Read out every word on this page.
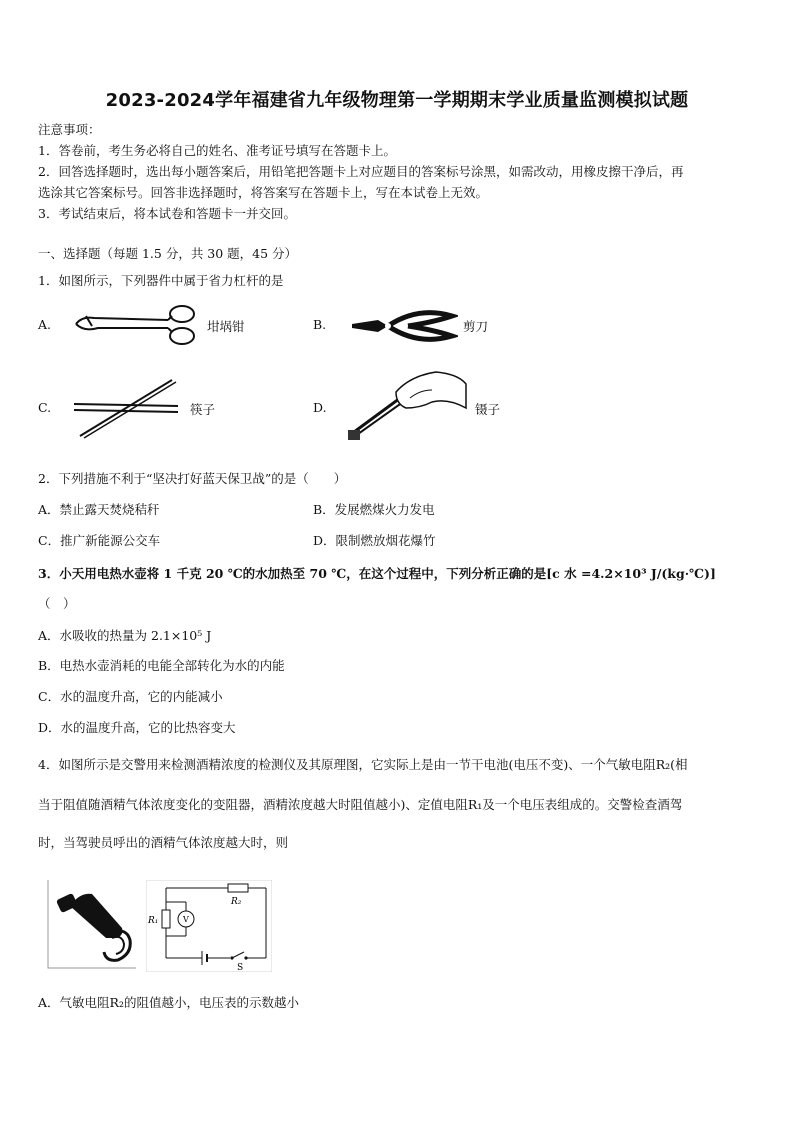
2023-2024学年福建省九年级物理第一学期期末学业质量监测模拟试题
注意事项：
1．答卷前，考生务必将自己的姓名、准考证号填写在答题卡上。
2．回答选择题时，选出每小题答案后，用铅笔把答题卡上对应题目的答案标号涂黑，如需改动，用橡皮擦干净后，再
选涂其它答案标号。回答非选择题时，将答案写在答题卡上，写在本试卷上无效。
3．考试结束后，将本试卷和答题卡一并交回。
一、选择题（每题 1.5 分，共 30 题，45 分）
1．如图所示，下列器件中属于省力杠杆的是
A.	坩埚钳	B.	剪刀
C.	筷子	D.	镊子
2．下列措施不利于“坚决打好蓝天保卫战”的是（　　）
A．禁止露天焚烧秸秆	B．发展燃煤火力发电
C．推广新能源公交车	D．限制燃放烟花爆竹
3．小天用电热水壶将 1 千克 20 ℃的水加热至 70 ℃，在这个过程中，下列分析正确的是[c 水 =4.2×10³ J/(kg·℃)]
（　）
A．水吸收的热量为 2.1×10⁵ J
B．电热水壶消耗的电能全部转化为水的内能
C．水的温度升高，它的内能减小
D．水的温度升高，它的比热容变大
4．如图所示是交警用来检测酒精浓度的检测仪及其原理图，它实际上是由一节干电池(电压不变)、一个气敏电阻R₂(相
当于阻值随酒精气体浓度变化的变阻器，酒精浓度越大时阻值越小)、定值电阻R₁及一个电压表组成的。交警检查酒驾
时，当驾驶员呼出的酒精气体浓度越大时，则
R₁
R₂
V
S
A．气敏电阻R₂的阻值越小，电压表的示数越小
